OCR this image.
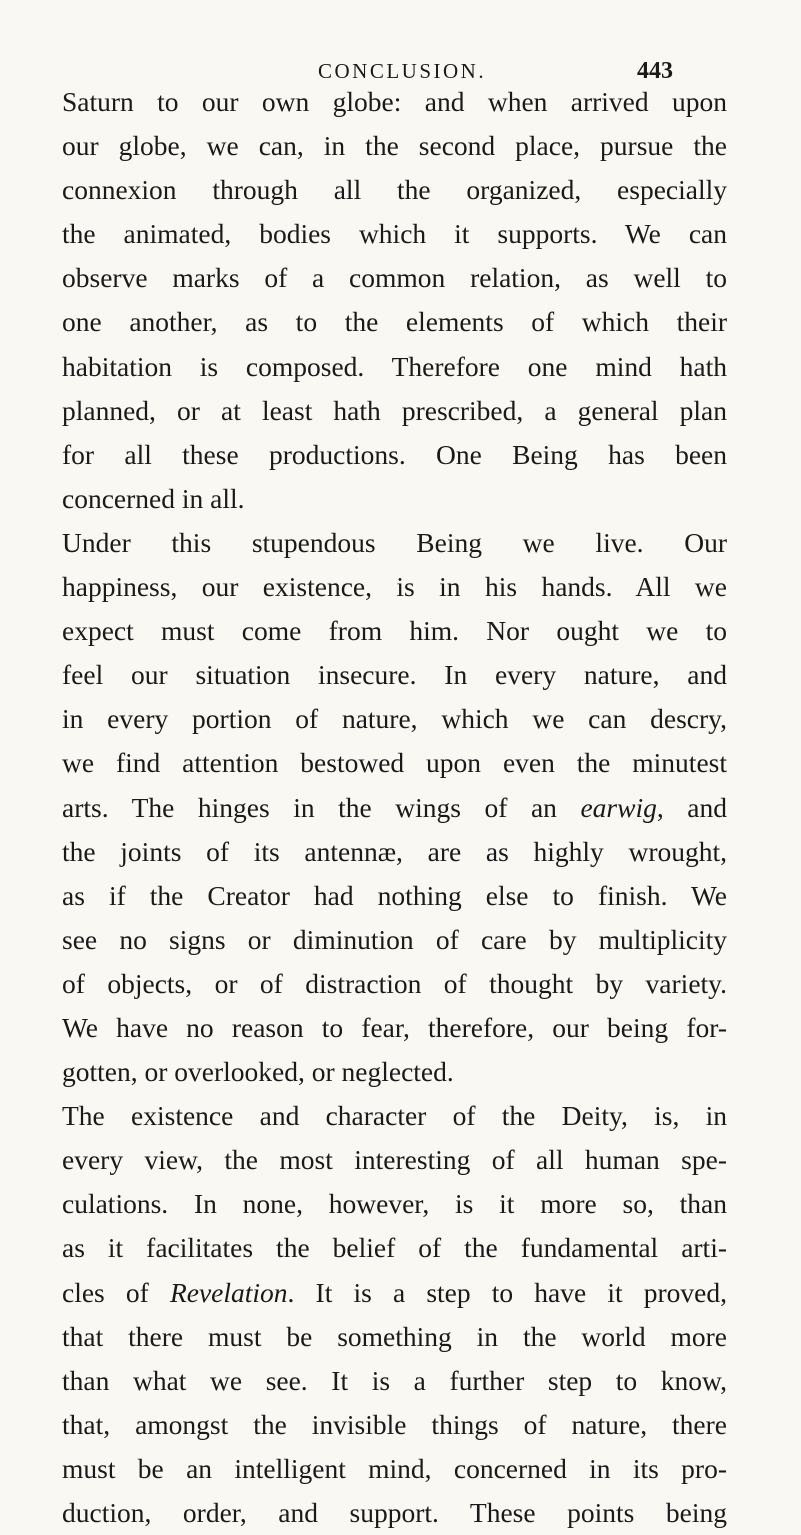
CONCLUSION.	443
Saturn to our own globe: and when arrived upon
our globe, we can, in the second place, pursue the
connexion through all the organized, especially
the animated, bodies which it supports. We can
observe marks of a common relation, as well to
one another, as to the elements of which their
habitation is composed. Therefore one mind hath
planned, or at least hath prescribed, a general plan
for all these productions. One Being has been
concerned in all.
Under this stupendous Being we live. Our
happiness, our existence, is in his hands. All we
expect must come from him. Nor ought we to
feel our situation insecure. In every nature, and
in every portion of nature, which we can descry,
we find attention bestowed upon even the minutest
arts. The hinges in the wings of an earwig, and
the joints of its antennæ, are as highly wrought,
as if the Creator had nothing else to finish. We
see no signs or diminution of care by multiplicity
of objects, or of distraction of thought by variety.
We have no reason to fear, therefore, our being for-
gotten, or overlooked, or neglected.
The existence and character of the Deity, is, in
every view, the most interesting of all human spe-
culations. In none, however, is it more so, than
as it facilitates the belief of the fundamental arti-
cles of Revelation. It is a step to have it proved,
that there must be something in the world more
than what we see. It is a further step to know,
that, amongst the invisible things of nature, there
must be an intelligent mind, concerned in its pro-
duction, order, and support. These points being
